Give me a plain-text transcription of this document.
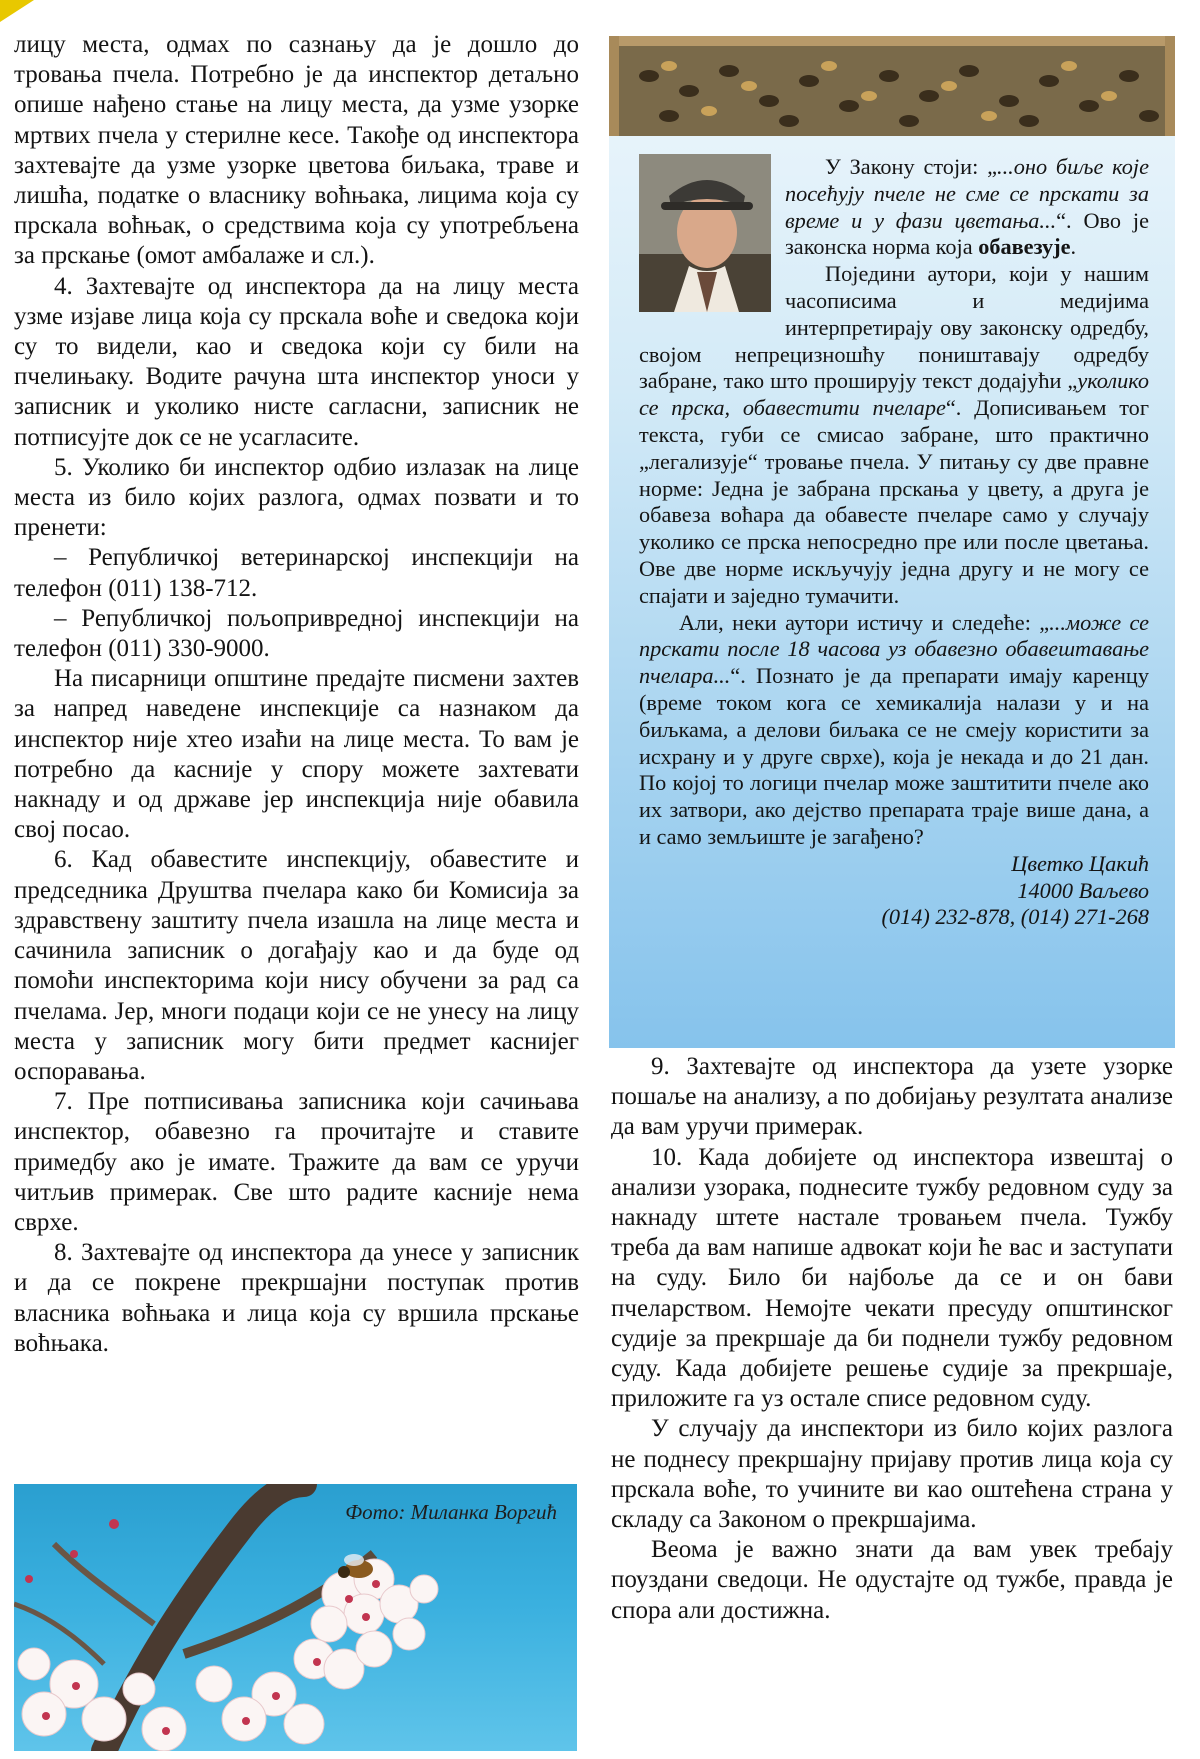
лицу места, одмах по сазнању да је дошло до тровања пчела. Потребно је да инспектор детаљно опише нађено стање на лицу места, да узме узорке мртвих пчела у стерилне кесе. Такође од инспектора захтевајте да узме узорке цветова биљака, траве и лишћа, податке о власнику воћњака, лицима која су прскала воћњак, о средствима која су употребљена за прскање (омот амбалаже и сл.).

4. Захтевајте од инспектора да на лицу места узме изјаве лица која су прскала воће и сведока који су то видели, као и сведока који су били на пчелињаку. Водите рачуна шта инспектор уноси у записник и уколико нисте сагласни, записник не потписујте док се не усагласите.

5. Уколико би инспектор одбио излазак на лице места из било којих разлога, одмах позвати и то пренети:

– Републичкој ветеринарској инспекцији на телефон (011) 138-712.

– Републичкој пољопривредној инспекцији на телефон (011) 330-9000.

На писарници општине предајте писмени захтев за напред наведене инспекције са назнаком да инспектор није хтео изаћи на лице места. То вам је потребно да касније у спору можете захтевати накнаду и од државе јер инспекција није обавила свој посао.

6. Кад обавестите инспекцију, обавестите и председника Друштва пчелара како би Комисија за здравствену заштиту пчела изашла на лице места и сачинила записник о догађају као и да буде од помоћи инспекторима који нису обучени за рад са пчелама. Јер, многи подаци који се не унесу на лицу места у записник могу бити предмет каснијег оспоравања.

7. Пре потписивања записника који сачињава инспектор, обавезно га прочитајте и ставите примедбу ако је имате. Тражите да вам се уручи читљив примерак. Све што радите касније нема сврхе.

8. Захтевајте од инспектора да унесе у записник и да се покрене прекршајни поступак против власника воћњака и лица која су вршила прскање воћњака.

Фото: Миланка Воргић

У Закону стоји: „...оно биље које посећују пчеле не сме се прскати за време и у фази цветања...“. Ово је законска норма која обавезује.

Поједини аутори, који у нашим часописима и медијима интерпретирају ову законску одредбу, својом непрецизношћу поништавају одредбу забране, тако што проширују текст додајући „уколико се прска, обавестити пчеларе“. Дописивањем тог текста, губи се смисао забране, што практично „легализује“ тровање пчела. У питању су две правне норме: Једна је забрана прскања у цвету, а друга је обавеза воћара да обавесте пчеларе само у случају уколико се прска непосредно пре или после цветања. Ове две норме искључују једна другу и не могу се спајати и заједно тумачити.

Али, неки аутори истичу и следеће: „...може се прскати после 18 часова уз обавезно обавештавање пчелара...“. Познато је да препарати имају каренцу (време током кога се хемикалија налази у и на биљкама, а делови биљака се не смеју користити за исхрану и у друге сврхе), која је некада и до 21 дан. По којој то логици пчелар може заштитити пчеле ако их затвори, ако дејство препарата траје више дана, а и само земљиште је загађено?

Цветко Цакић
14000 Ваљево
(014) 232-878, (014) 271-268

9. Захтевајте од инспектора да узете узорке пошаље на анализу, а по добијању резултата анализе да вам уручи примерак.

10. Када добијете од инспектора извештај о анализи узорака, поднесите тужбу редовном суду за накнаду штете настале тровањем пчела. Тужбу треба да вам напише адвокат који ће вас и заступати на суду. Било би најбоље да се и он бави пчеларством. Немојте чекати пресуду општинског судије за прекршаје да би поднели тужбу редовном суду. Када добијете решење судије за прекршаје, приложите га уз остале списе редовном суду.

У случају да инспектори из било којих разлога не поднесу прекршајну пријаву против лица која су прскала воће, то учините ви као оштећена страна у складу са Законом о прекршајима.

Веома је важно знати да вам увек требају поуздани сведоци. Не одустајте од тужбе, правда је спора али достижна.
